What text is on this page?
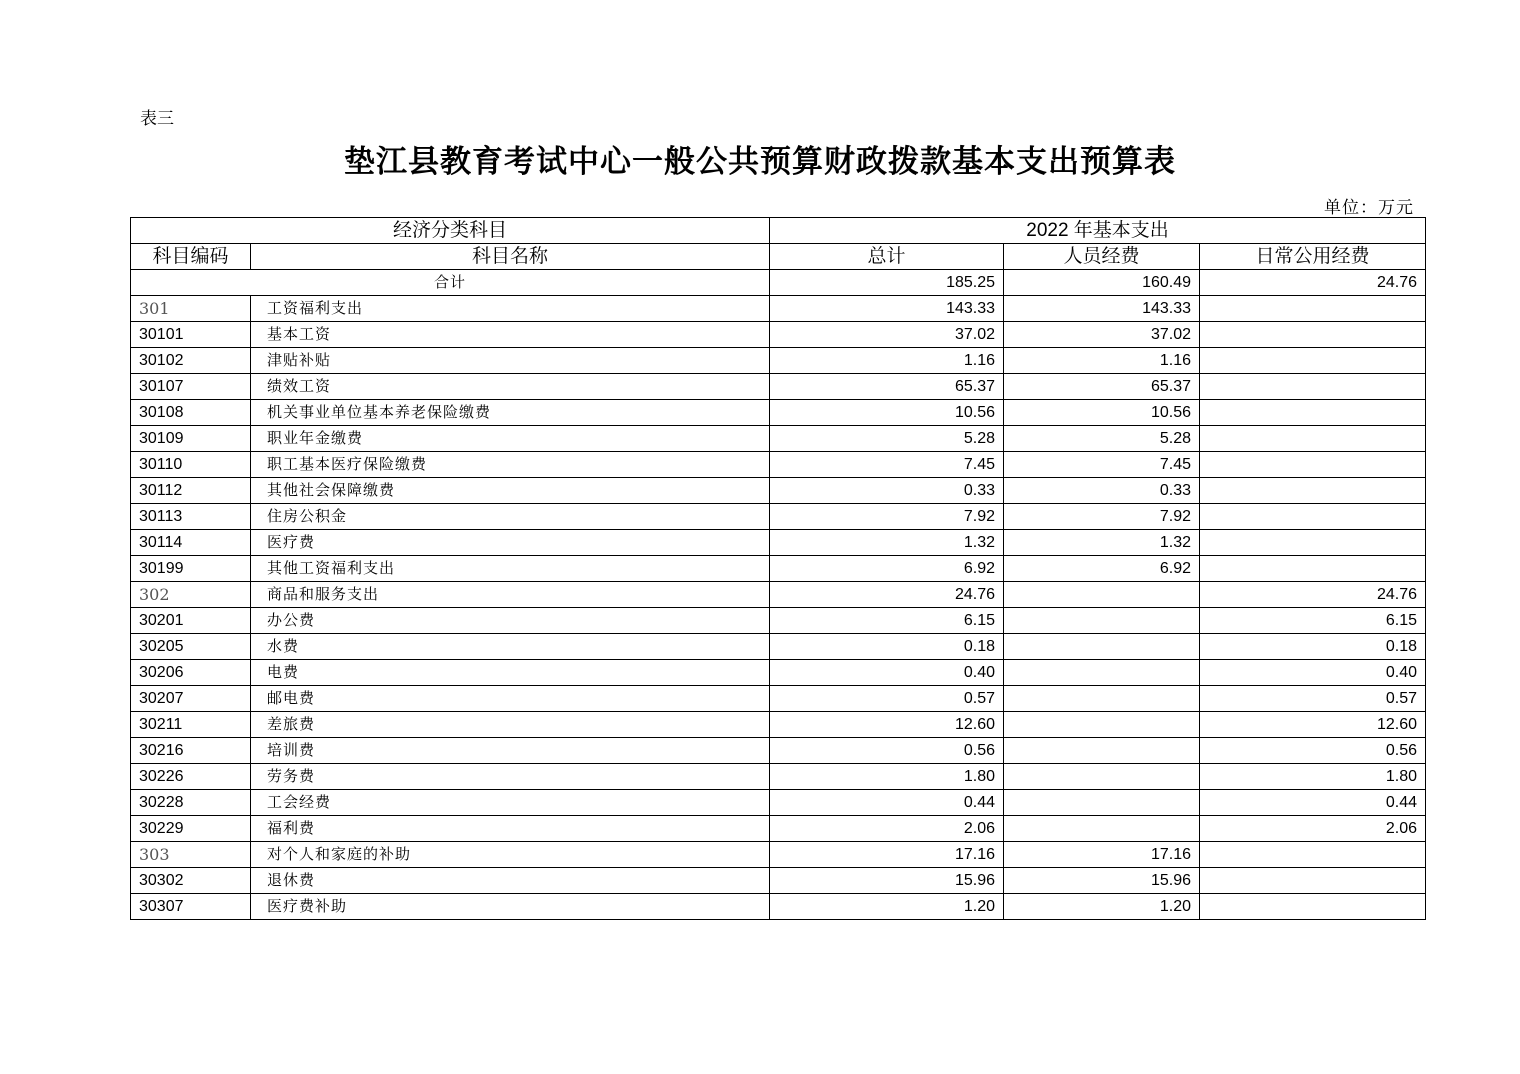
表三
垫江县教育考试中心一般公共预算财政拨款基本支出预算表
单位：万元
经济分类科目		2022 年基本支出		
科目编码	科目名称	总计	人员经费	日常公用经费
合计		185.25	160.49	24.76
301	工资福利支出	143.33	143.33	
30101	基本工资	37.02	37.02	
30102	津贴补贴	1.16	1.16	
30107	绩效工资	65.37	65.37	
30108	机关事业单位基本养老保险缴费	10.56	10.56	
30109	职业年金缴费	5.28	5.28	
30110	职工基本医疗保险缴费	7.45	7.45	
30112	其他社会保障缴费	0.33	0.33	
30113	住房公积金	7.92	7.92	
30114	医疗费	1.32	1.32	
30199	其他工资福利支出	6.92	6.92	
302	商品和服务支出	24.76		24.76
30201	办公费	6.15		6.15
30205	水费	0.18		0.18
30206	电费	0.40		0.40
30207	邮电费	0.57		0.57
30211	差旅费	12.60		12.60
30216	培训费	0.56		0.56
30226	劳务费	1.80		1.80
30228	工会经费	0.44		0.44
30229	福利费	2.06		2.06
303	对个人和家庭的补助	17.16	17.16	
30302	退休费	15.96	15.96	
30307	医疗费补助	1.20	1.20	
